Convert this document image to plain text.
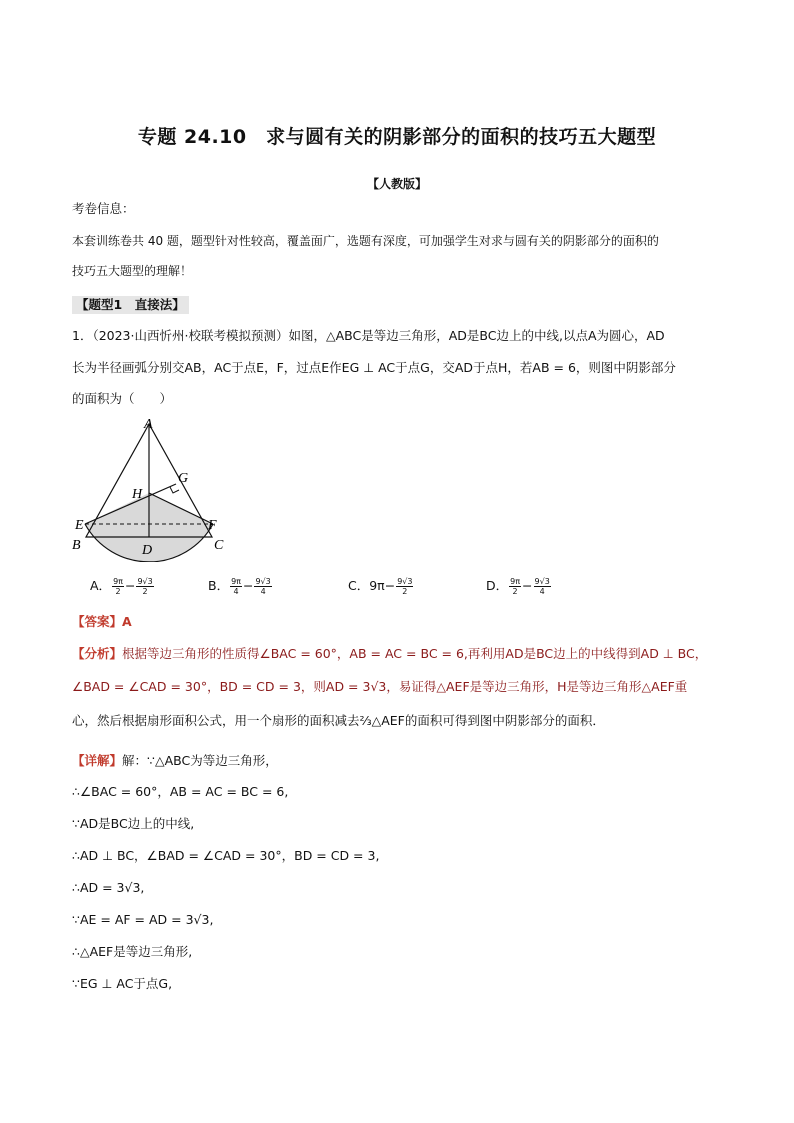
专题 24.10　求与圆有关的阴影部分的面积的技巧五大题型
【人教版】
考卷信息：
本套训练卷共 40 题，题型针对性较高，覆盖面广，选题有深度，可加强学生对求与圆有关的阴影部分的面积的
技巧五大题型的理解！
【题型1　直接法】
1．（2023·山西忻州·校联考模拟预测）如图，△ABC是等边三角形，AD是BC边上的中线,以点A为圆心，AD
长为半径画弧分别交AB，AC于点E，F，过点E作EG ⊥ AC于点G，交AD于点H，若AB = 6，则图中阴影部分
的面积为（　　）
A
B	C
D
E	F
G
H
A． $\frac{9\pi}{2} - \frac{9√3}{2}$	B． $\frac{9\pi}{4} - \frac{9√3}{4}$	C．$9\pi- \frac{9√3}{2}$	D． $\frac{9\pi}{2} - \frac{9√3}{4}$
【答案】A
【分析】根据等边三角形的性质得∠BAC = 60°，AB = AC = BC = 6,再利用AD是BC边上的中线得到AD ⊥ BC，
∠BAD = ∠CAD = 30°，BD = CD = 3，则AD = 3√3，易证得△AEF是等边三角形，H是等边三角形△AEF重
心，然后根据扇形面积公式，用一个扇形的面积减去⅔△AEF的面积可得到图中阴影部分的面积．
【详解】解：∵△ABC为等边三角形，
∴∠BAC = 60°，AB = AC = BC = 6,
∵AD是BC边上的中线,
∴AD ⊥ BC，∠BAD = ∠CAD = 30°，BD = CD = 3,
∴AD = 3√3,
∵AE = AF = AD = 3√3,
∴△AEF是等边三角形,
∵EG ⊥ AC于点G,
